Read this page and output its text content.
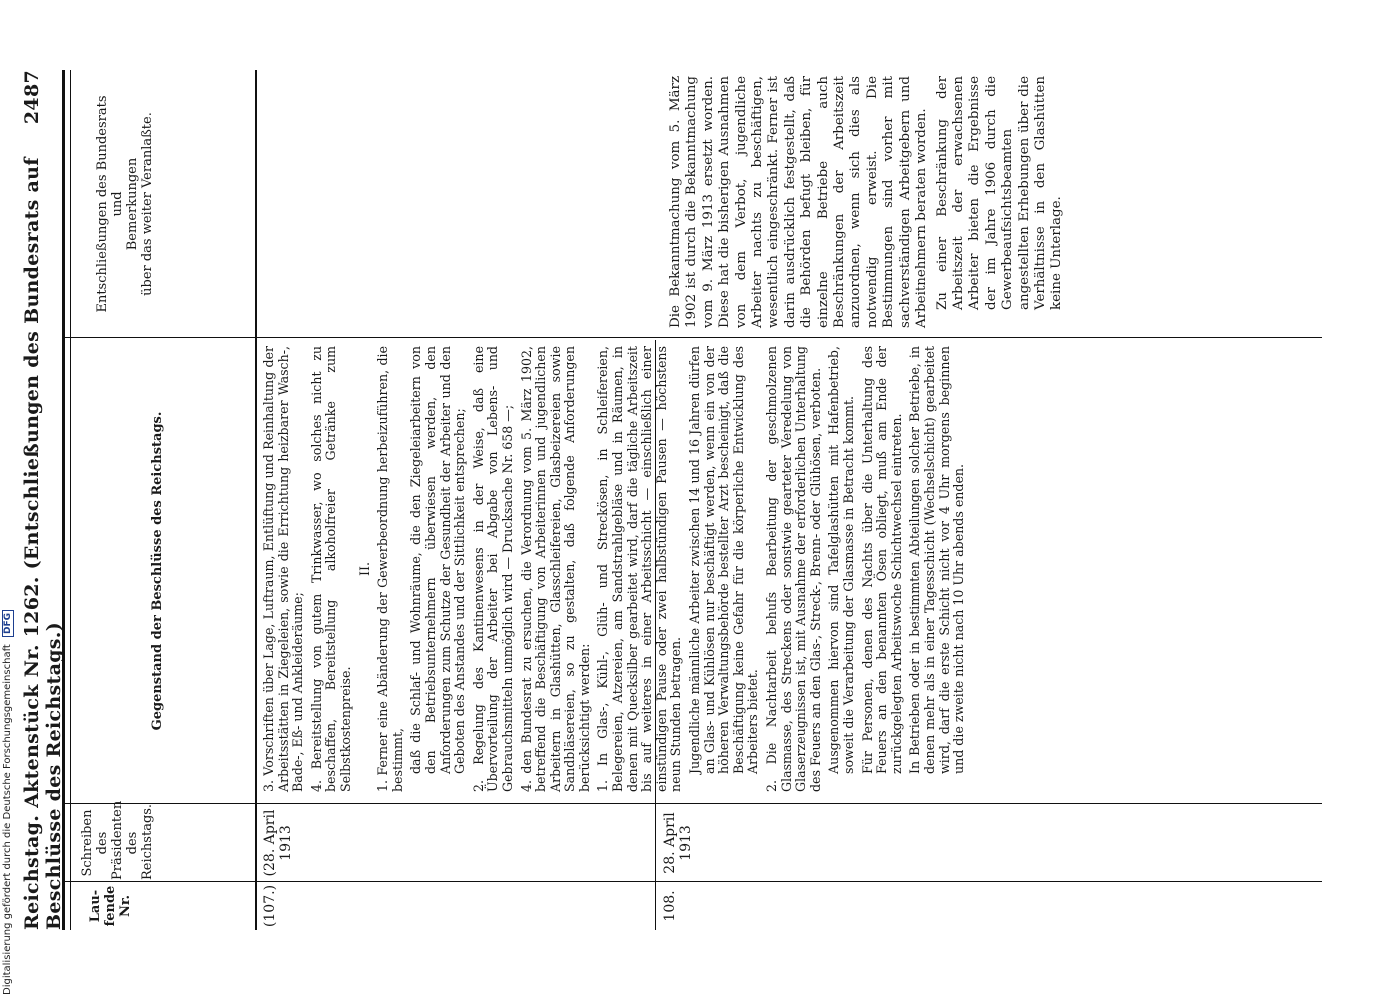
Reichstag. Aktenstück Nr. 1262. (Entschließungen des Bundesrats auf Beschlüsse des Reichstags.)
2487
Lau-
fende
Nr.
Schreiben
des
Präsidenten
des
Reichstags.
Gegenstand der Beschlüsse des Reichstags.
Entschließungen des Bundesrats
und
Bemerkungen
über das weiter Veranlaßte.
(107.)
(28. April
1913
108.
28. April
1913

3. Vorschriften über Lage, Luftraum, Entlüftung und Reinhaltung der Arbeitsstätten in Ziegeleien, sowie die Errichtung heizbarer Wasch-, Bade-, Eß- und Ankleideräume; 4. Bereitstellung von gutem Trinkwasser, wo solches nicht zu beschaffen, Bereitstellung alkoholfreier Getränke zum Selbstkostenpreise.

II. 1. Ferner eine Abänderung der Gewerbeordnung herbeizuführen, die bestimmt, daß die Schlaf- und Wohnräume, die den Ziegeleiarbeitern von den Betriebsunternehmern überwiesen werden, den Anforderungen zum Schutze der Gesundheit der Arbeiter und den Geboten des Anstandes und der Sittlichkeit entsprechen; 2. Regelung des Kantinenwesens in der Weise, daß eine Übervorteilung der Arbeiter bei Abgabe von Lebens- und Gebrauchsmitteln unmöglich wird — Drucksache Nr. 658 —; 4. den Bundesrat zu ersuchen, die Verordnung vom 5. März 1902, betreffend die Beschäftigung von Arbeiterinnen und jugendlichen Arbeitern in Glashütten, Glasschleifereien, Glasbeizereien sowie Sandbläsereien, so zu gestalten, daß folgende Anforderungen berücksichtigt werden: 1. In Glas-, Kühl-, Glüh- und Streckösen, in Schleifereien, Belegereien, Atzereien, am Sandstrahlgebläse und in Räumen, in denen mit Quecksilber gearbeitet wird, darf die tägliche Arbeitszeit bis auf weiteres in einer Arbeitsschicht — einschließlich einer einstündigen Pause oder zwei halbstündigen Pausen — höchstens neun Stunden betragen. Jugendliche männliche Arbeiter zwischen 14 und 16 Jahren dürfen an Glas- und Kühlösen nur beschäftigt werden, wenn ein von der höheren Verwaltungsbehörde bestellter Arzt bescheinigt, daß die Beschäftigung keine Gefahr für die körperliche Entwicklung des Arbeiters bietet. 2. Die Nachtarbeit behufs Bearbeitung der geschmolzenen Glasmasse, des Streckens oder sonstwie gearteter Veredelung von Glaserzeugnissen ist, mit Ausnahme der erforderlichen Unterhaltung des Feuers an den Glas-, Streck-, Brenn- oder Glühösen, verboten. Ausgenommen hiervon sind Tafelglashütten mit Hafenbetrieb, soweit die Verarbeitung der Glasmasse in Betracht kommt. Für Personen, denen des Nachts über die Unterhaltung des Feuers an den benannten Ösen obliegt, muß am Ende der zurückgelegten Arbeitswoche Schichtwechsel eintreten. In Betrieben oder in bestimmten Abteilungen solcher Betriebe, in denen mehr als in einer Tagesschicht (Wechselschicht) gearbeitet wird, darf die erste Schicht nicht vor 4 Uhr morgens beginnen und die zweite nicht nach 10 Uhr abends enden.

Die Bekanntmachung vom 5. März 1902 ist durch die Bekanntmachung vom 9. März 1913 ersetzt worden. Diese hat die bisherigen Ausnahmen von dem Verbot, jugendliche Arbeiter nachts zu beschäftigen, wesentlich eingeschränkt. Ferner ist darin ausdrücklich festgestellt, daß die Behörden befugt bleiben, für einzelne Betriebe auch Beschränkungen der Arbeitszeit anzuordnen, wenn sich dies als notwendig erweist. Die Bestimmungen sind vorher mit sachverständigen Arbeitgebern und Arbeitnehmern beraten worden. Zu einer Beschränkung der Arbeitszeit der erwachsenen Arbeiter bieten die Ergebnisse der im Jahre 1906 durch die Gewerbeaufsichtsbeamten angestellten Erhebungen über die Verhältnisse in den Glashütten keine Unterlage.

Digitalisierung gefördert durch die Deutsche Forschungsgemeinschaft DFG
